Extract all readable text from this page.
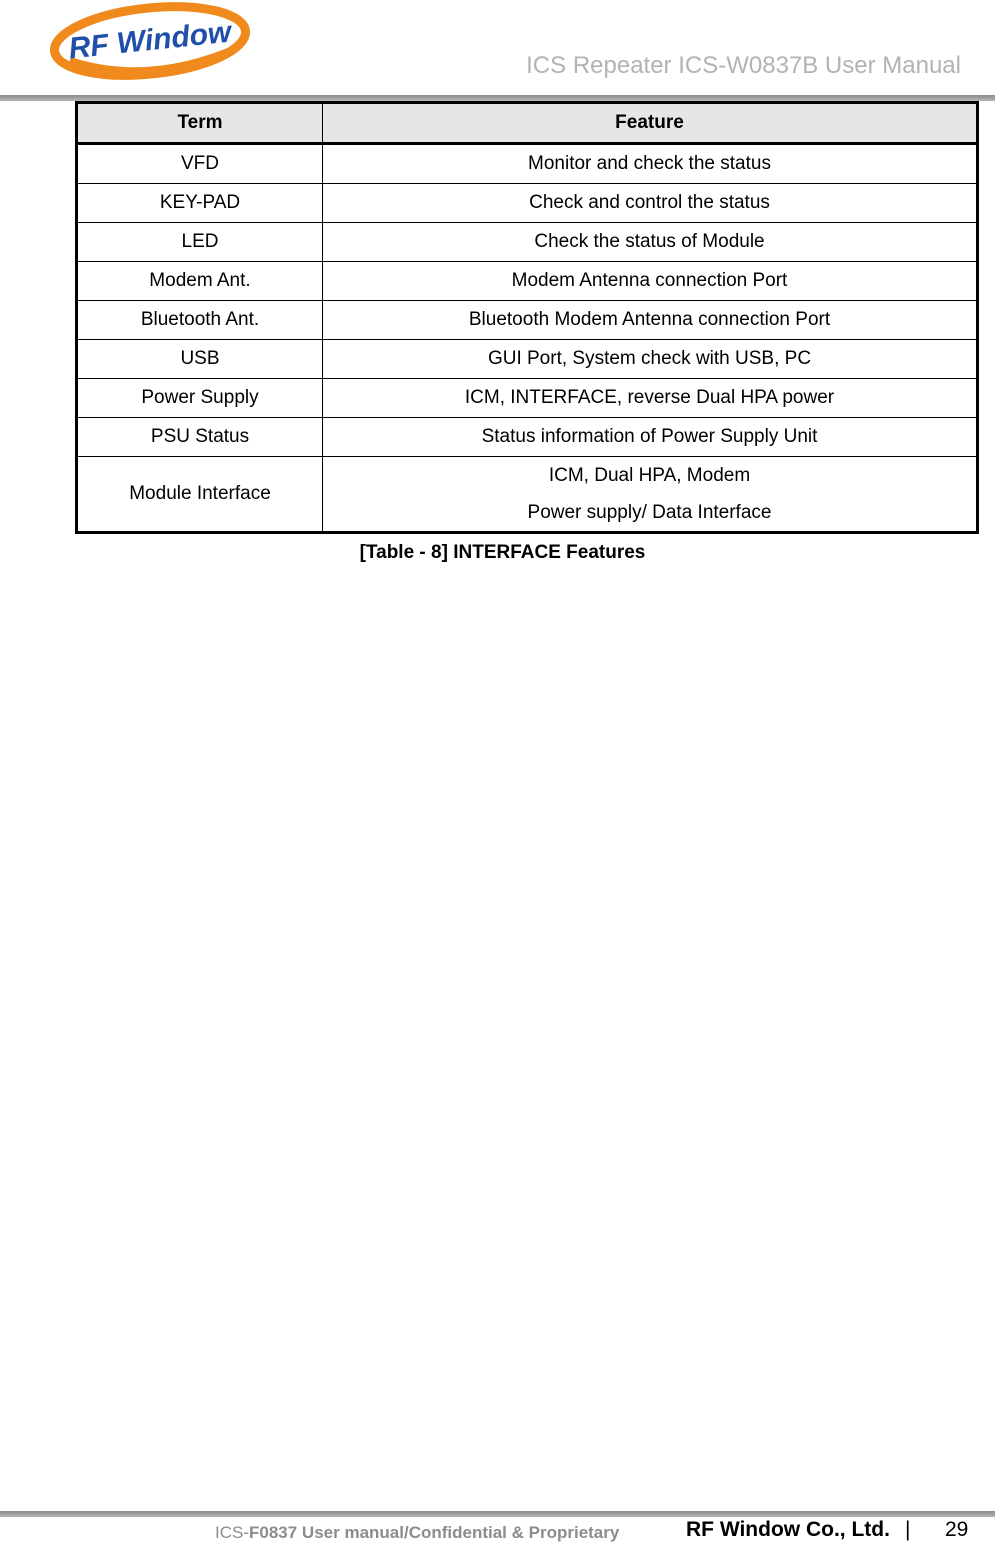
RF Window
ICS Repeater ICS-W0837B User Manual
Term	Feature
VFD	Monitor and check the status
KEY-PAD	Check and control the status
LED	Check the status of Module
Modem Ant.	Modem Antenna connection Port
Bluetooth Ant.	Bluetooth Modem Antenna connection Port
USB	GUI Port, System check with USB, PC
Power Supply	ICM, INTERFACE, reverse Dual HPA power
PSU Status	Status information of Power Supply Unit
Module Interface	ICM, Dual HPA, Modem
Power supply/ Data Interface
[Table - 8] INTERFACE Features
ICS-F0837 User manual/Confidential & Proprietary	RF Window Co., Ltd. | 29
